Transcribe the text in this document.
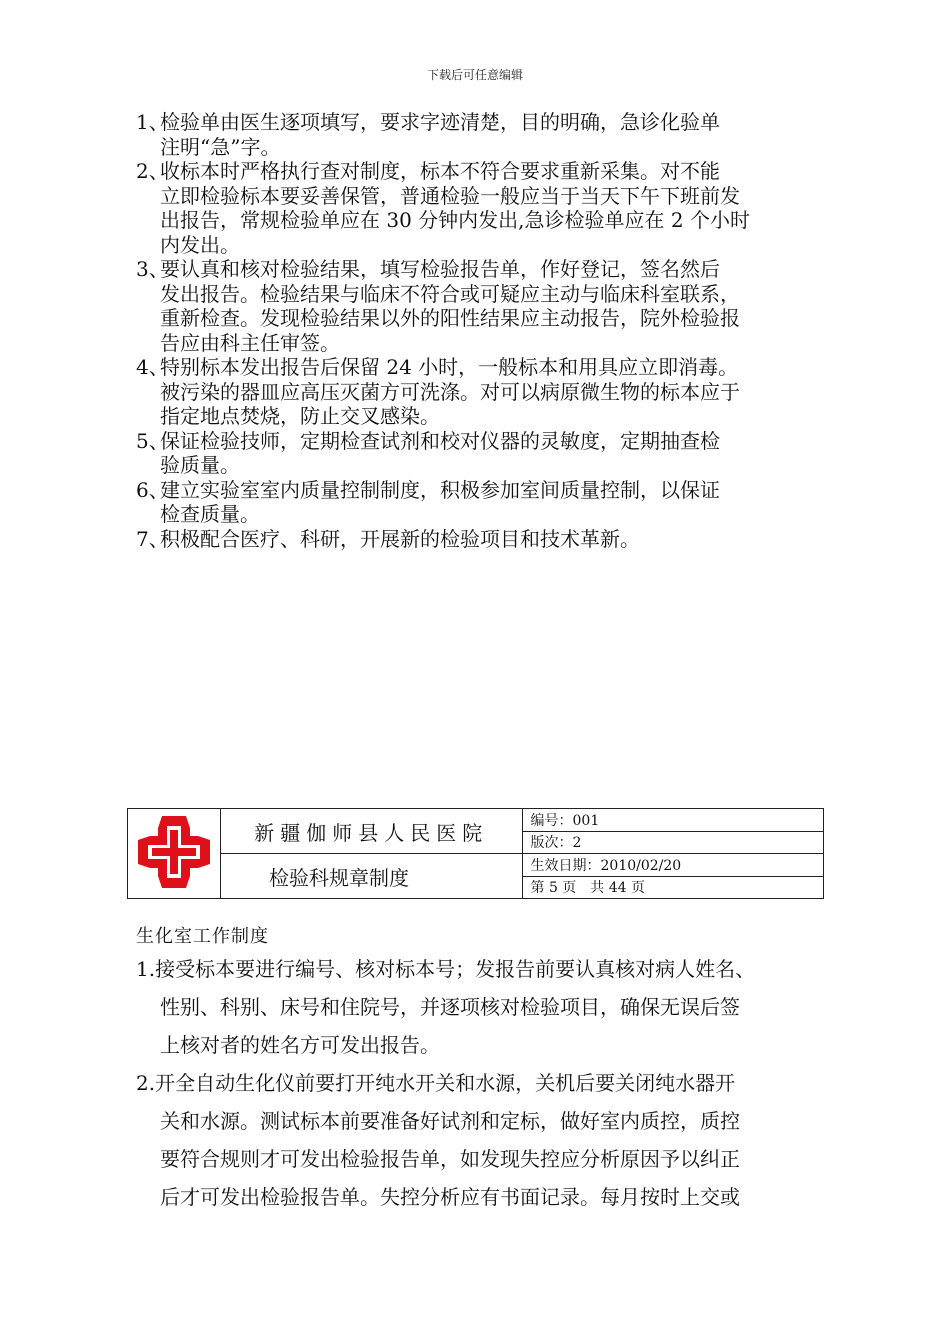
下载后可任意编辑
1、检验单由医生逐项填写，要求字迹清楚，目的明确，急诊化验单
注明“急”字。
2、收标本时严格执行查对制度，标本不符合要求重新采集。对不能
立即检验标本要妥善保管，普通检验一般应当于当天下午下班前发
出报告，常规检验单应在 30 分钟内发出,急诊检验单应在 2 个小时
内发出。
3、要认真和核对检验结果，填写检验报告单，作好登记，签名然后
发出报告。检验结果与临床不符合或可疑应主动与临床科室联系，
重新检查。发现检验结果以外的阳性结果应主动报告，院外检验报
告应由科主任审签。
4、特别标本发出报告后保留 24 小时，一般标本和用具应立即消毒。
被污染的器皿应高压灭菌方可洗涤。对可以病原微生物的标本应于
指定地点焚烧，防止交叉感染。
5、保证检验技师，定期检查试剂和校对仪器的灵敏度，定期抽查检
验质量。
6、建立实验室室内质量控制制度，积极参加室间质量控制，以保证
检查质量。
7、积极配合医疗、科研，开展新的检验项目和技术革新。
	新疆伽师县人民医院	编号：001
		版次：2
	检验科规章制度	生效日期：2010/02/20
		第 5 页　共 44 页
生化室工作制度
1.接受标本要进行编号、核对标本号；发报告前要认真核对病人姓名、
性别、科别、床号和住院号，并逐项核对检验项目，确保无误后签
上核对者的姓名方可发出报告。
2.开全自动生化仪前要打开纯水开关和水源，关机后要关闭纯水器开
关和水源。测试标本前要准备好试剂和定标，做好室内质控，质控
要符合规则才可发出检验报告单，如发现失控应分析原因予以纠正
后才可发出检验报告单。失控分析应有书面记录。每月按时上交或
